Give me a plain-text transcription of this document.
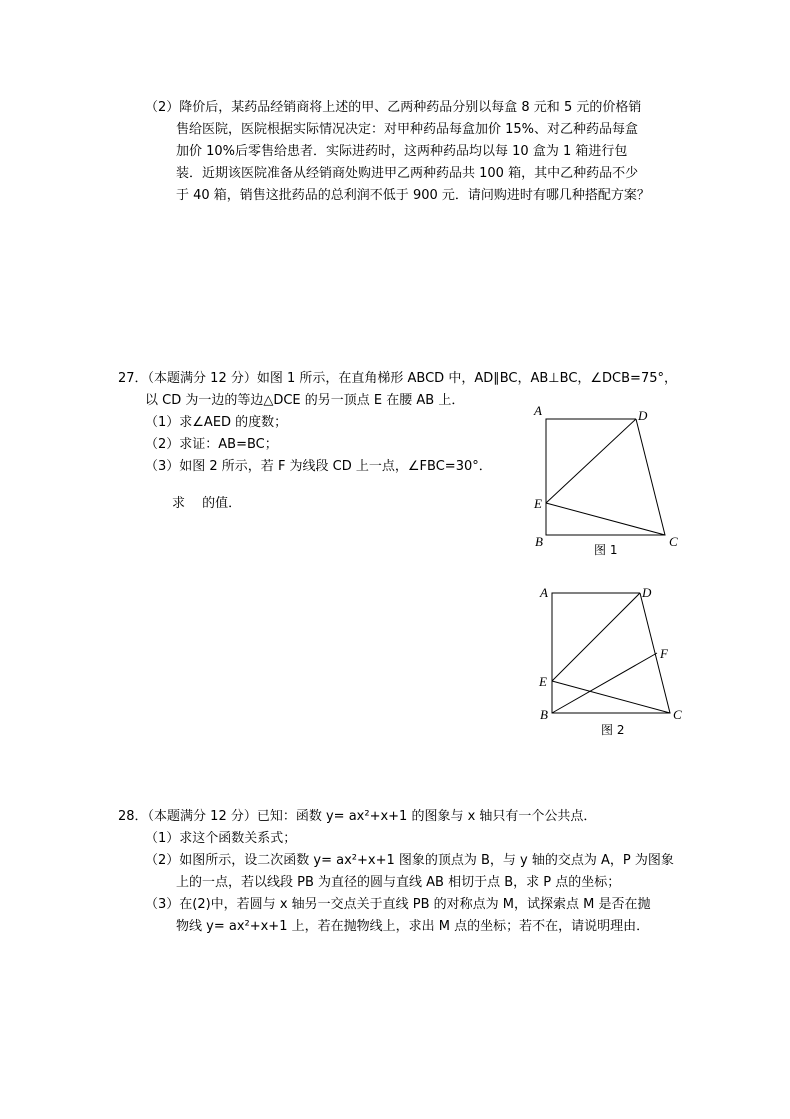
（2）降价后，某药品经销商将上述的甲、乙两种药品分别以每盒 8 元和 5 元的价格销
售给医院，医院根据实际情况决定：对甲种药品每盒加价 15%、对乙种药品每盒
加价 10%后零售给患者．实际进药时，这两种药品均以每 10 盒为 1 箱进行包
装．近期该医院准备从经销商处购进甲乙两种药品共 100 箱，其中乙种药品不少
于 40 箱，销售这批药品的总利润不低于 900 元．请问购进时有哪几种搭配方案？
27．（本题满分 12 分）如图 1 所示，在直角梯形 ABCD 中，AD∥BC，AB⊥BC，∠DCB=75°，
以 CD 为一边的等边△DCE 的另一顶点 E 在腰 AB 上．
（1）求∠AED 的度数；
（2）求证：AB=BC；
（3）如图 2 所示，若 F 为线段 CD 上一点，∠FBC=30°．
求　 的值．
A	D
E
B	C
图 1
A	D
F
E
B	C
图 2
28．（本题满分 12 分）已知：函数 y= ax²+x+1 的图象与 x 轴只有一个公共点．
（1）求这个函数关系式；
（2）如图所示，设二次函数 y= ax²+x+1 图象的顶点为 B，与 y 轴的交点为 A，P 为图象
上的一点，若以线段 PB 为直径的圆与直线 AB 相切于点 B，求 P 点的坐标；
（3）在(2)中，若圆与 x 轴另一交点关于直线 PB 的对称点为 M，试探索点 M 是否在抛
物线 y= ax²+x+1 上，若在抛物线上，求出 M 点的坐标；若不在，请说明理由．
